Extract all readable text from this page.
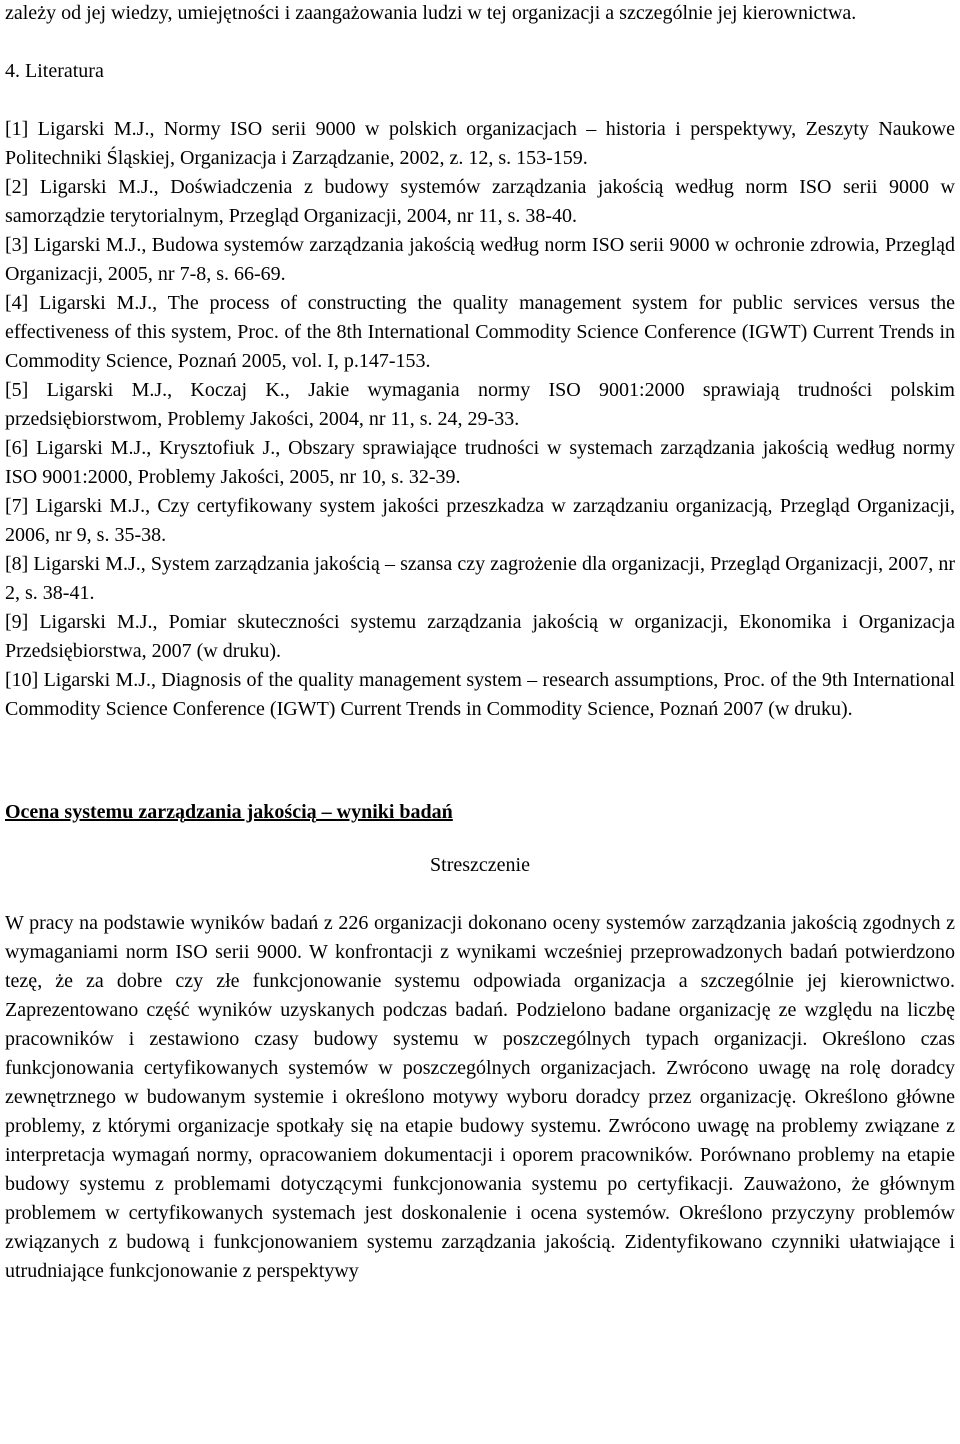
zależy od jej wiedzy, umiejętności i zaangażowania ludzi w tej organizacji a szczególnie jej kierownictwa.

4. Literatura

[1] Ligarski M.J., Normy ISO serii 9000 w polskich organizacjach – historia i perspektywy, Zeszyty Naukowe Politechniki Śląskiej, Organizacja i Zarządzanie, 2002, z. 12, s. 153-159.

[2] Ligarski M.J., Doświadczenia z budowy systemów zarządzania jakością według norm ISO serii 9000 w samorządzie terytorialnym, Przegląd Organizacji, 2004, nr 11, s. 38-40.

[3] Ligarski M.J., Budowa systemów zarządzania jakością według norm ISO serii 9000 w ochronie zdrowia, Przegląd Organizacji, 2005, nr 7-8, s. 66-69.

[4] Ligarski M.J., The process of constructing the quality management system for public services versus the effectiveness of this system, Proc. of the 8th International Commodity Science Conference (IGWT) Current Trends in Commodity Science, Poznań 2005, vol. I, p.147-153.

[5] Ligarski M.J., Koczaj K., Jakie wymagania normy ISO 9001:2000 sprawiają trudności polskim przedsiębiorstwom, Problemy Jakości, 2004, nr 11, s. 24, 29-33.

[6] Ligarski M.J., Krysztofiuk J., Obszary sprawiające trudności w systemach zarządzania jakością według normy ISO 9001:2000, Problemy Jakości, 2005, nr 10, s. 32-39.

[7] Ligarski M.J., Czy certyfikowany system jakości przeszkadza w zarządzaniu organizacją, Przegląd Organizacji, 2006, nr 9, s. 35-38.

[8] Ligarski M.J., System zarządzania jakością – szansa czy zagrożenie dla organizacji, Przegląd Organizacji, 2007, nr 2, s. 38-41.

[9] Ligarski M.J., Pomiar skuteczności systemu zarządzania jakością w organizacji, Ekonomika i Organizacja Przedsiębiorstwa, 2007 (w druku).

[10] Ligarski M.J., Diagnosis of the quality management system – research assumptions, Proc. of the 9th International Commodity Science Conference (IGWT) Current Trends in Commodity Science, Poznań 2007 (w druku).

Ocena systemu zarządzania jakością – wyniki badań
Streszczenie

W pracy na podstawie wyników badań z 226 organizacji dokonano oceny systemów zarządzania jakością zgodnych z wymaganiami norm ISO serii 9000. W konfrontacji z wynikami wcześniej przeprowadzonych badań potwierdzono tezę, że za dobre czy złe funkcjonowanie systemu odpowiada organizacja a szczególnie jej kierownictwo. Zaprezentowano część wyników uzyskanych podczas badań. Podzielono badane organizację ze względu na liczbę pracowników i zestawiono czasy budowy systemu w poszczególnych typach organizacji. Określono czas funkcjonowania certyfikowanych systemów w poszczególnych organizacjach. Zwrócono uwagę na rolę doradcy zewnętrznego w budowanym systemie i określono motywy wyboru doradcy przez organizację. Określono główne problemy, z którymi organizacje spotkały się na etapie budowy systemu. Zwrócono uwagę na problemy związane z interpretacja wymagań normy, opracowaniem dokumentacji i oporem pracowników. Porównano problemy na etapie budowy systemu z problemami dotyczącymi funkcjonowania systemu po certyfikacji. Zauważono, że głównym problemem w certyfikowanych systemach jest doskonalenie i ocena systemów. Określono przyczyny problemów związanych z budową i funkcjonowaniem systemu zarządzania jakością. Zidentyfikowano czynniki ułatwiające i utrudniające funkcjonowanie z perspektywy
